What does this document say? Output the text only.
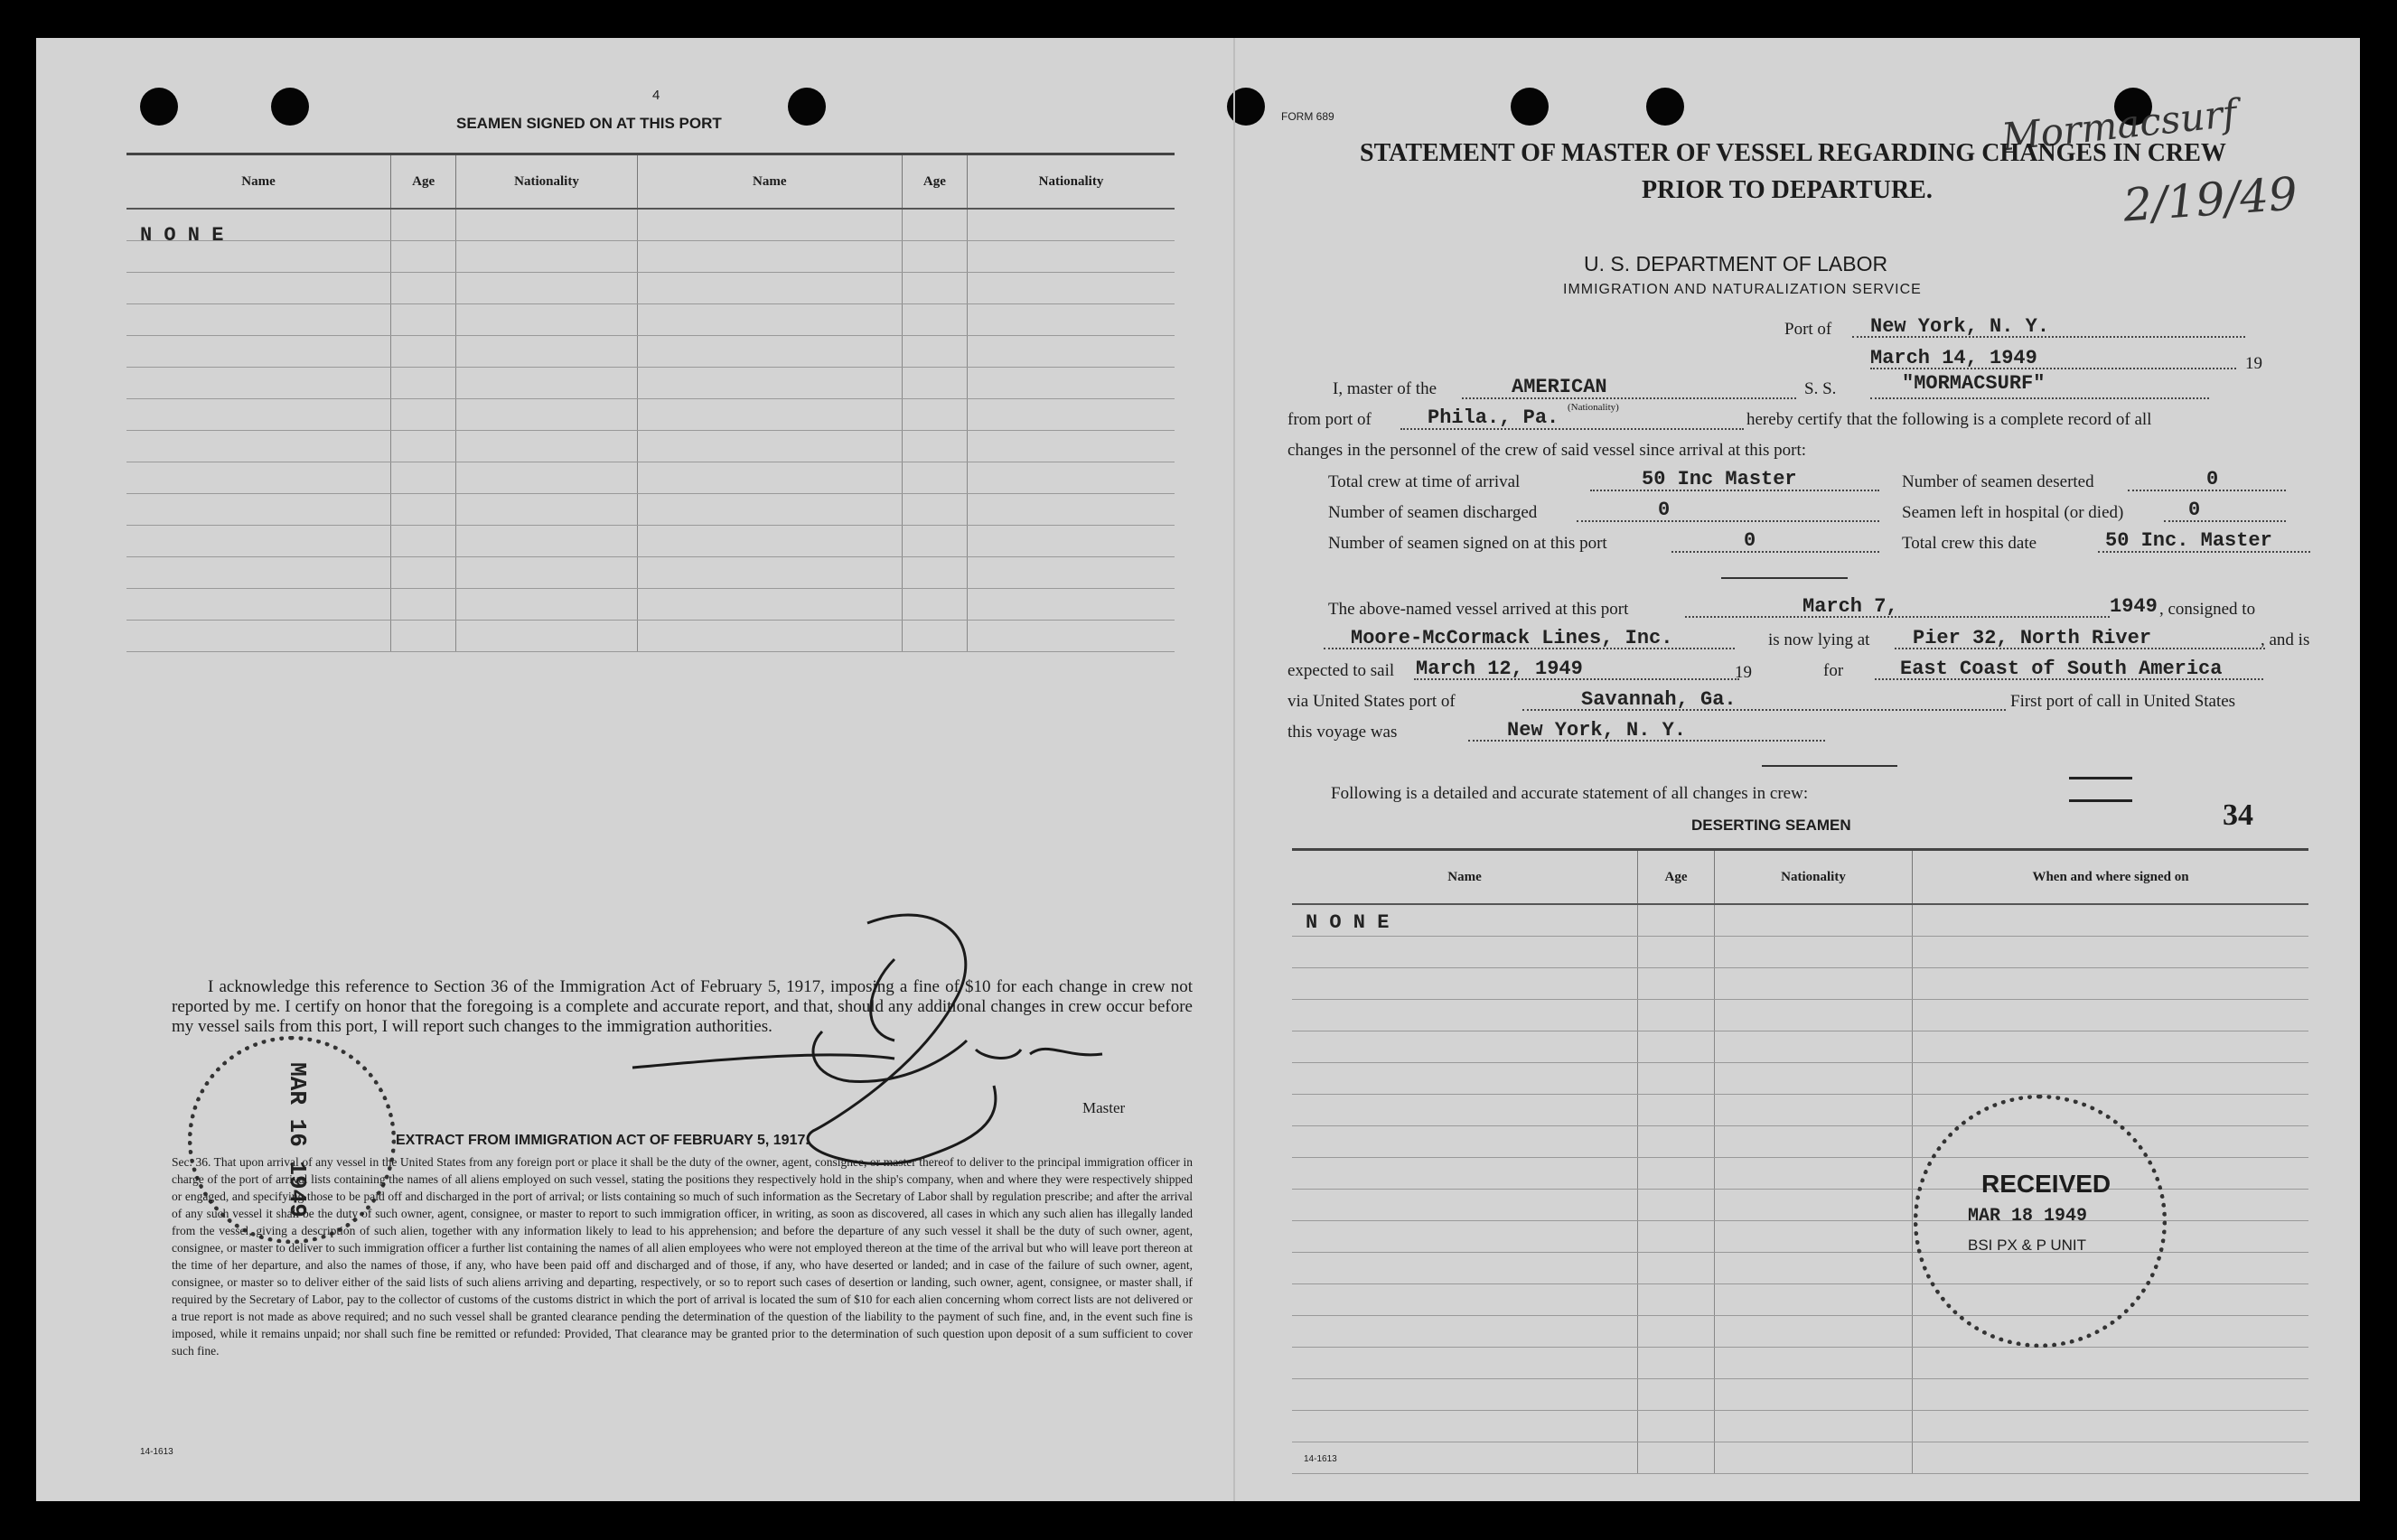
4
SEAMEN SIGNED ON AT THIS PORT
Name	Age	Nationality	Name	Age	Nationality

N O N E
I acknowledge this reference to Section 36 of the Immigration Act of February 5, 1917, imposing a fine of $10 for each change in crew not reported by me. I certify on honor that the foregoing is a complete and accurate report, and that, should any additional changes in crew occur before my vessel sails from this port, I will report such changes to the immigration authorities.
Master
MAR 16 1949	EXTRACT FROM IMMIGRATION ACT OF FEBRUARY 5, 1917.
Sec. 36. That upon arrival of any vessel in the United States from any foreign port or place it shall be the duty of the owner, agent, consignee, or master thereof to deliver to the principal immigration officer in charge of the port of arrival lists containing the names of all aliens employed on such vessel, stating the positions they respectively hold in the ship's company, when and where they were respectively shipped or engaged, and specifying those to be paid off and discharged in the port of arrival; or lists containing so much of such information as the Secretary of Labor shall by regulation prescribe; and after the arrival of any such vessel it shall be the duty of such owner, agent, consignee, or master to report to such immigration officer, in writing, as soon as discovered, all cases in which any such alien has illegally landed from the vessel, giving a description of such alien, together with any information likely to lead to his apprehension; and before the departure of any such vessel it shall be the duty of such owner, agent, consignee, or master to deliver to such immigration officer a further list containing the names of all alien employees who were not employed thereon at the time of the arrival but who will leave port thereon at the time of her departure, and also the names of those, if any, who have been paid off and discharged and of those, if any, who have deserted or landed; and in case of the failure of such owner, agent, consignee, or master so to deliver either of the said lists of such aliens arriving and departing, respectively, or so to report such cases of desertion or landing, such owner, agent, consignee, or master shall, if required by the Secretary of Labor, pay to the collector of customs of the customs district in which the port of arrival is located the sum of $10 for each alien concerning whom correct lists are not delivered or a true report is not made as above required; and no such vessel shall be granted clearance pending the determination of the question of the liability to the payment of such fine, and, in the event such fine is imposed, while it remains unpaid; nor shall such fine be remitted or refunded: Provided, That clearance may be granted prior to the determination of such question upon deposit of a sum sufficient to cover such fine.
14-1613
FORM 689	Mormacsurf
2/19/49
STATEMENT OF MASTER OF VESSEL REGARDING CHANGES IN CREW
PRIOR TO DEPARTURE.
U. S. DEPARTMENT OF LABOR
IMMIGRATION AND NATURALIZATION SERVICE
Port of New York, N. Y.
March 14, 1949	19
I, master of the	AMERICAN	S. S.	"MORMACSURF"
from port of	Phila., Pa. (Nationality)
hereby certify that the following is a complete record of all
changes in the personnel of the crew of said vessel since arrival at this port:
Total crew at time of arrival	50 Inc Master	Number of seamen deserted	0
Number of seamen discharged	0	Seamen left in hospital (or died)	0
Number of seamen signed on at this port	0	Total crew this date	50 Inc. Master
The above-named vessel arrived at this port	March 7,	1949 , consigned to
Moore-McCormack Lines, Inc.	is now lying at Pier 32, North River	, and is
expected to sail March 12, 1949	19	for	East Coast of South America
via United States port of	Savannah, Ga.	First port of call in United States
this voyage was	New York, N. Y.
Following is a detailed and accurate statement of all changes in crew:
34
DESERTING SEAMEN
Name	Age	Nationality	When and where signed on

N O N E
RECEIVED
MAR 18 1949
BSI PX & P UNIT
14-1613
